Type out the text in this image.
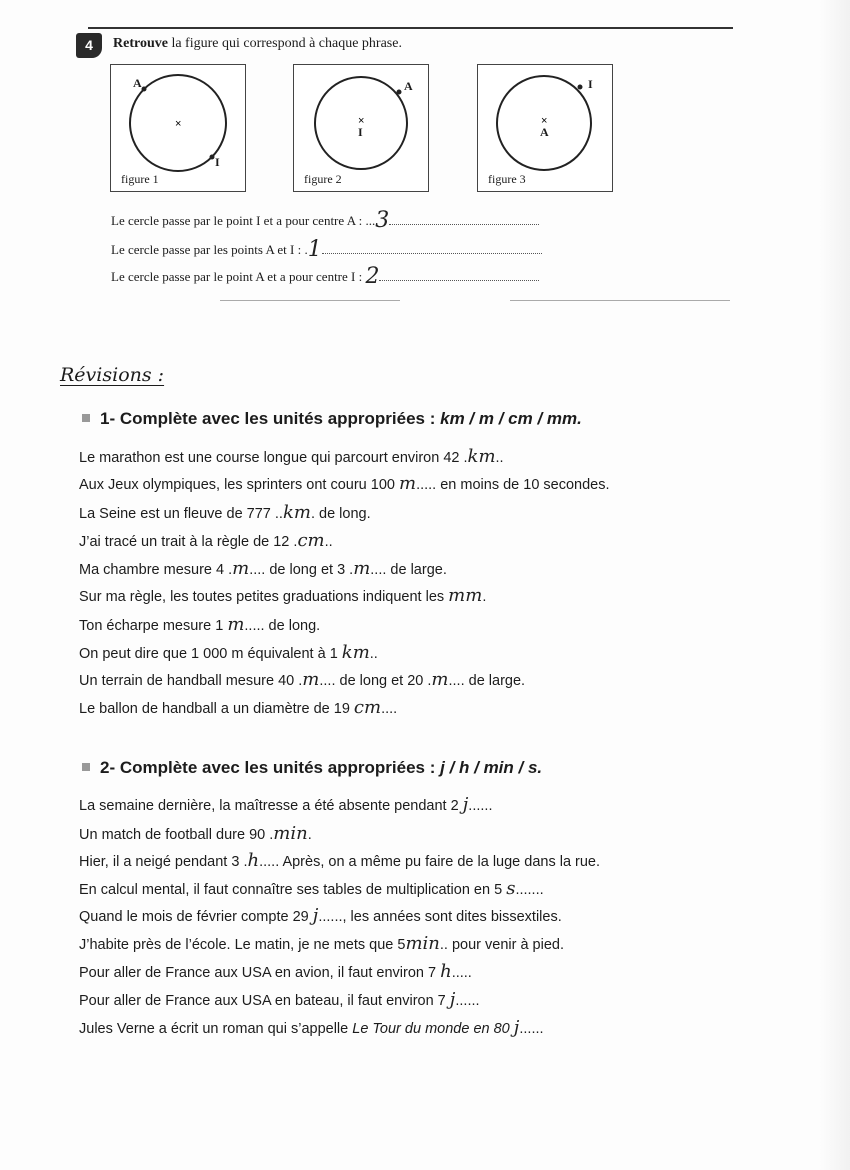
4	Retrouve la figure qui correspond à chaque phrase.
×
A
I
figure 1
×
I
A
figure 2
×
A
I
figure 3
Le cercle passe par le point I et a pour centre A : ...3
Le cercle passe par les points A et I : .1
Le cercle passe par le point A et a pour centre I : 2
Révisions :
1- Complète avec les unités appropriées : km / m / cm / mm.
Le marathon est une course longue qui parcourt environ 42 .km..
Aux Jeux olympiques, les sprinters ont couru 100 m..... en moins de 10 secondes.
La Seine est un fleuve de 777 ..km. de long.
J’ai tracé un trait à la règle de 12 .cm..
Ma chambre mesure 4 .m.... de long et 3 .m.... de large.
Sur ma règle, les toutes petites graduations indiquent les mm.
Ton écharpe mesure 1 m..... de long.
On peut dire que 1 000 m équivalent à 1 km..
Un terrain de handball mesure 40 .m.... de long et 20 .m.... de large.
Le ballon de handball a un diamètre de 19 cm....
2- Complète avec les unités appropriées : j / h / min / s.
La semaine dernière, la maîtresse a été absente pendant 2 j......
Un match de football dure 90 .min.
Hier, il a neigé pendant 3 .h..... Après, on a même pu faire de la luge dans la rue.
En calcul mental, il faut connaître ses tables de multiplication en 5 s.......
Quand le mois de février compte 29 j......, les années sont dites bissextiles.
J’habite près de l’école. Le matin, je ne mets que 5min.. pour venir à pied.
Pour aller de France aux USA en avion, il faut environ 7 h.....
Pour aller de France aux USA en bateau, il faut environ 7 j......
Jules Verne a écrit un roman qui s’appelle Le Tour du monde en 80 j......
